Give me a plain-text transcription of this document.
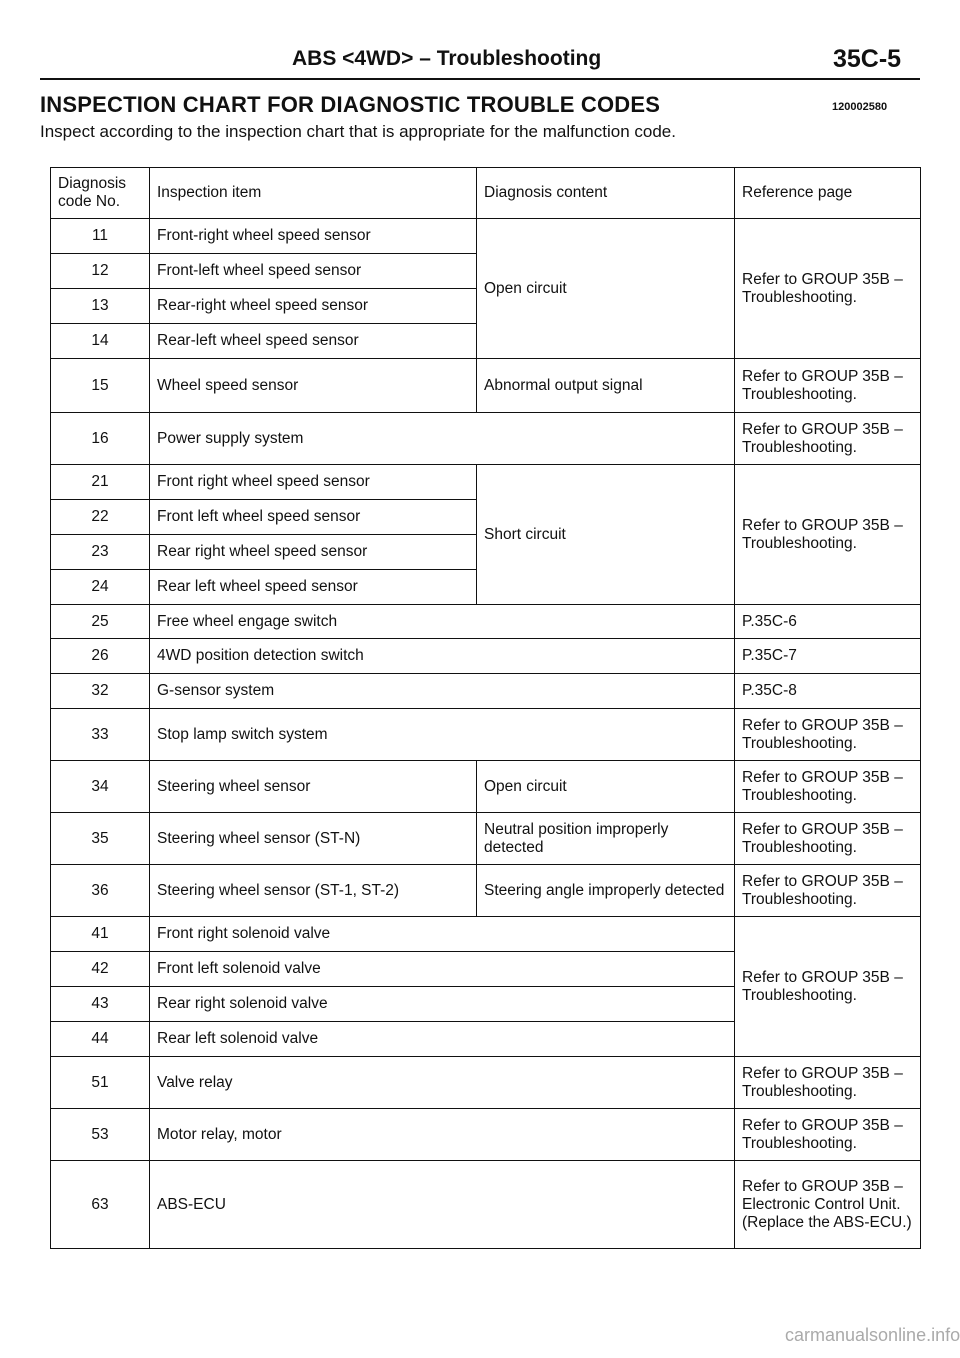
ABS <4WD> – Troubleshooting	35C-5
INSPECTION CHART FOR DIAGNOSTIC TROUBLE CODES	120002580
Inspect according to the inspection chart that is appropriate for the malfunction code.
Diagnosis code No.	Inspection item	Diagnosis content	Reference page
11	Front-right wheel speed sensor	Open circuit	Refer to GROUP 35B – Troubleshooting.
12	Front-left wheel speed sensor		
13	Rear-right wheel speed sensor		
14	Rear-left wheel speed sensor		
15	Wheel speed sensor	Abnormal output signal	Refer to GROUP 35B – Troubleshooting.
16	Power supply system		Refer to GROUP 35B – Troubleshooting.
21	Front right wheel speed sensor	Short circuit	Refer to GROUP 35B – Troubleshooting.
22	Front left wheel speed sensor		
23	Rear right wheel speed sensor		
24	Rear left wheel speed sensor		
25	Free wheel engage switch		P.35C-6
26	4WD position detection switch		P.35C-7
32	G-sensor system		P.35C-8
33	Stop lamp switch system		Refer to GROUP 35B – Troubleshooting.
34	Steering wheel sensor	Open circuit	Refer to GROUP 35B – Troubleshooting.
35	Steering wheel sensor (ST-N)	Neutral position improperly detected	Refer to GROUP 35B – Troubleshooting.
36	Steering wheel sensor (ST-1, ST-2)	Steering angle improperly detected	Refer to GROUP 35B – Troubleshooting.
41	Front right solenoid valve		Refer to GROUP 35B – Troubleshooting.
42	Front left solenoid valve		
43	Rear right solenoid valve		
44	Rear left solenoid valve		
51	Valve relay		Refer to GROUP 35B – Troubleshooting.
53	Motor relay, motor		Refer to GROUP 35B – Troubleshooting.
63	ABS-ECU		Refer to GROUP 35B – Electronic Control Unit. (Replace the ABS-ECU.)
carmanualsonline.info
